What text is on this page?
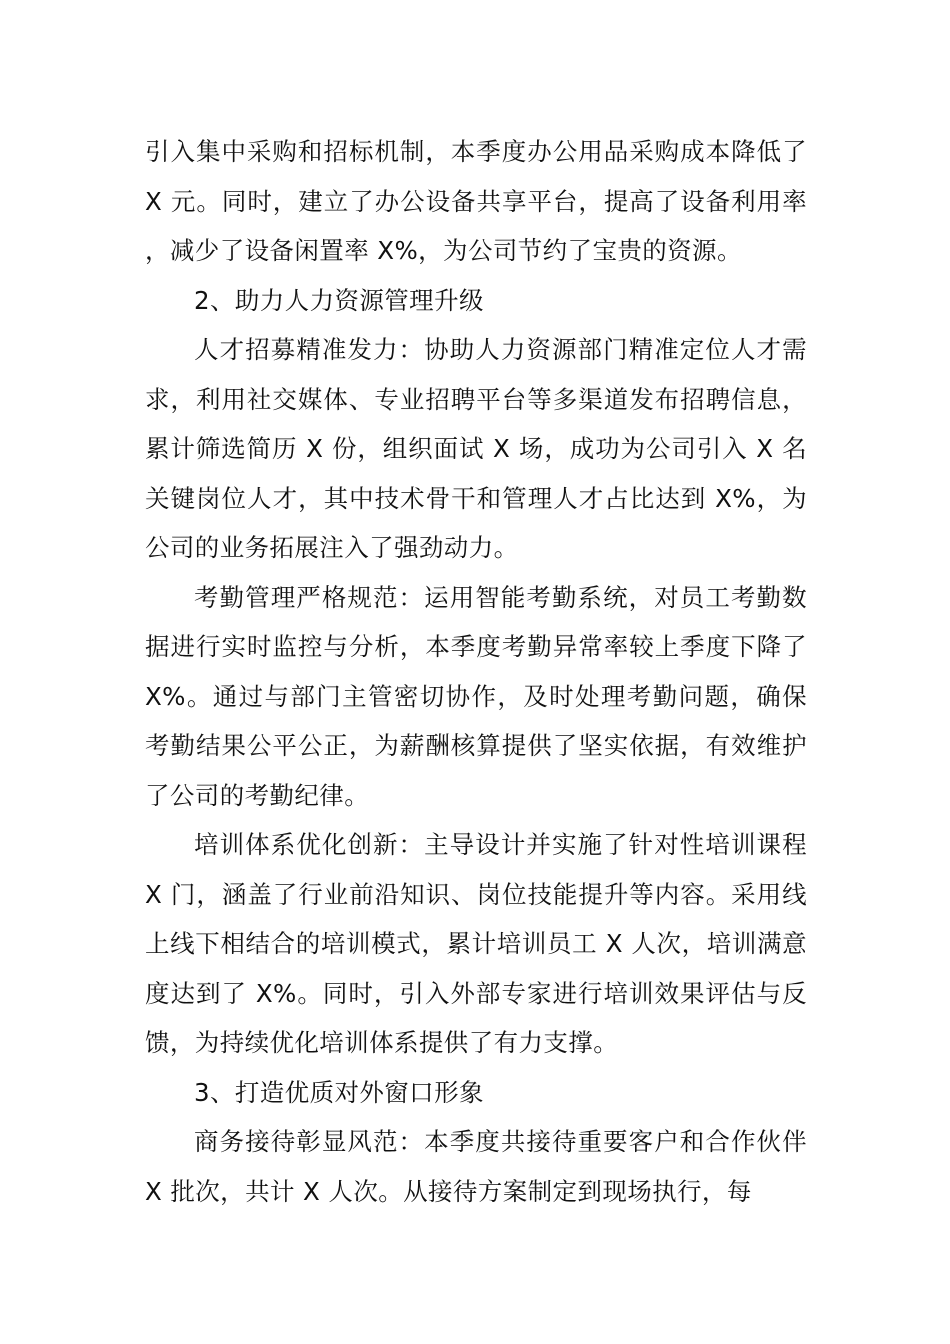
引入集中采购和招标机制，本季度办公用品采购成本降低了 X 元。同时，建立了办公设备共享平台，提高了设备利用率，减少了设备闲置率 X%，为公司节约了宝贵的资源。

2、助力人力资源管理升级

人才招募精准发力：协助人力资源部门精准定位人才需求，利用社交媒体、专业招聘平台等多渠道发布招聘信息，累计筛选简历 X 份，组织面试 X 场，成功为公司引入 X 名关键岗位人才，其中技术骨干和管理人才占比达到 X%，为公司的业务拓展注入了强劲动力。

考勤管理严格规范：运用智能考勤系统，对员工考勤数据进行实时监控与分析，本季度考勤异常率较上季度下降了 X%。通过与部门主管密切协作，及时处理考勤问题，确保考勤结果公平公正，为薪酬核算提供了坚实依据，有效维护了公司的考勤纪律。

培训体系优化创新：主导设计并实施了针对性培训课程 X 门，涵盖了行业前沿知识、岗位技能提升等内容。采用线上线下相结合的培训模式，累计培训员工 X 人次，培训满意度达到了 X%。同时，引入外部专家进行培训效果评估与反馈，为持续优化培训体系提供了有力支撑。

3、打造优质对外窗口形象

商务接待彰显风范：本季度共接待重要客户和合作伙伴 X 批次，共计 X 人次。从接待方案制定到现场执行，每
